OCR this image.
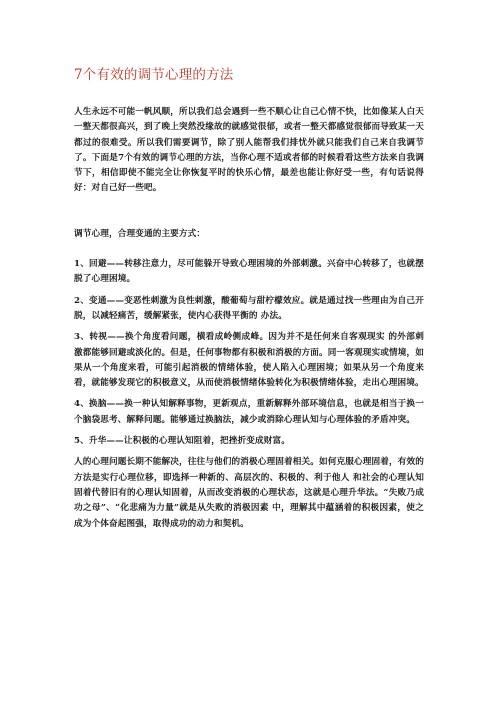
7个有效的调节心理的方法

人生永远不可能一帆风顺，所以我们总会遇到一些不顺心让自己心情不快，比如像某人白天一整天都很高兴，到了晚上突然没缘故的就感觉很郁，或者一整天都感觉很郁而导致某一天都过的很难受。所以我们需要调节，除了别人能帮我们排忧外就只能我们自己来自我调节了。下面是7个有效的调节心理的方法，当你心理不适或者郁的时候看看这些方法来自我调节下，相信即使不能完全让你恢复平时的快乐心情，最差也能让你好受一些，有句话说得好：对自己好一些吧。

调节心理，合理变通的主要方式：

1、回避——转移注意力，尽可能躲开导致心理困境的外部刺激。兴奋中心转移了，也就摆脱了心理困境。

2、变通——变恶性刺激为良性刺激，酸葡萄与甜柠檬效应。就是通过找一些理由为自己开脱，以减轻痛苦，缓解紧张，使内心获得平衡的 办法。

3、转视——换个角度看问题，横看成岭侧成峰。因为并不是任何来自客观现实 的外部刺激都能够回避或淡化的。但是，任何事物都有积极和消极的方面。同一客观现实或情境，如果从一个角度来看，可能引起消极的情绪体验，使人陷入心理困境；如果从另一个角度来看，就能够发现它的积极意义，从而使消极情绪体验转化为积极情绪体验，走出心理困境。

4、换脑——换一种认知解释事物，更新观点，重新解释外部环境信息，也就是相当于换一个脑袋思考、解释问题。能够通过换脑法，减少或消除心理认知与心理体验的矛盾冲突。

5、升华——让积极的心理认知阻着，把挫折变成财富。

人的心理问题长期不能解决，往往与他们的消极心理固着相关。如何克服心理固着，有效的方法是实行心理位移，即选择一种新的、高层次的、积极的、利于他人 和社会的心理认知固着代替旧有的心理认知固着，从而改变消极的心理状态，这就是心理升华法。“失败乃成功之母”、“化悲痛为力量”就是从失败的消极因素 中，理解其中蕴涵着的积极因素，使之成为个体奋起图强，取得成功的动力和契机。
